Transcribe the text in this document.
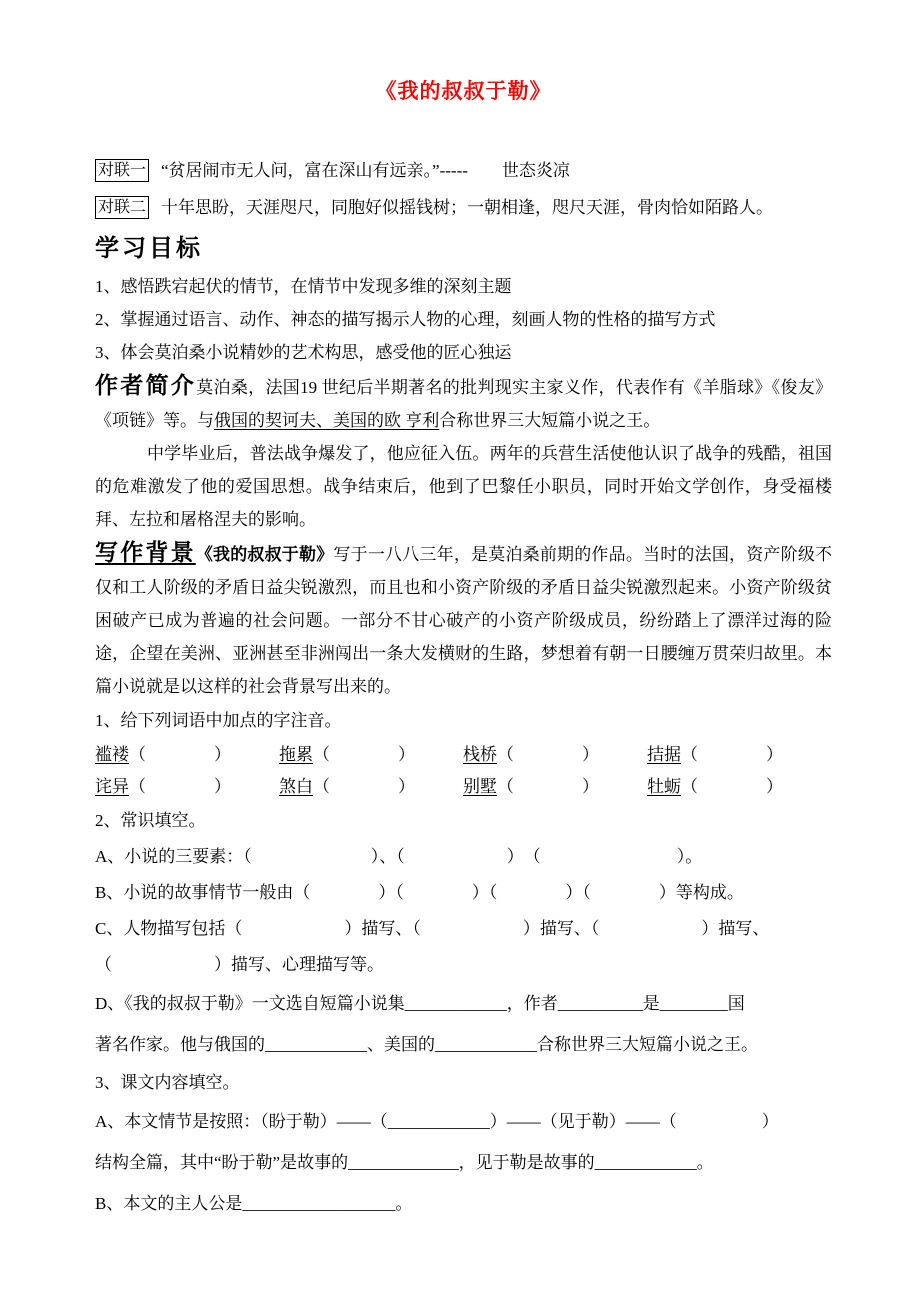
《我的叔叔于勒》
对联一 “贫居闹市无人问，富在深山有远亲。”-----　　世态炎凉
对联二 十年思盼，天涯咫尺，同胞好似摇钱树；一朝相逢，咫尺天涯，骨肉恰如陌路人。
学习目标

1、感悟跌宕起伏的情节，在情节中发现多维的深刻主题

2、掌握通过语言、动作、神态的描写揭示人物的心理，刻画人物的性格的描写方式

3、体会莫泊桑小说精妙的艺术构思，感受他的匠心独运

作者简介莫泊桑，法国19 世纪后半期著名的批判现实主家义作，代表作有《羊脂球》《俊友》《项链》等。与俄国的契诃夫、美国的欧 亨利合称世界三大短篇小说之王。

中学毕业后，普法战争爆发了，他应征入伍。两年的兵营生活使他认识了战争的残酷，祖国的危难激发了他的爱国思想。战争结束后，他到了巴黎任小职员，同时开始文学创作，身受福楼拜、左拉和屠格涅夫的影响。

写作背景《我的叔叔于勒》写于一八八三年，是莫泊桑前期的作品。当时的法国，资产阶级不仅和工人阶级的矛盾日益尖锐激烈，而且也和小资产阶级的矛盾日益尖锐激烈起来。小资产阶级贫困破产已成为普遍的社会问题。一部分不甘心破产的小资产阶级成员，纷纷踏上了漂洋过海的险途，企望在美洲、亚洲甚至非洲闯出一条大发横财的生路，梦想着有朝一日腰缠万贯荣归故里。本篇小说就是以这样的社会背景写出来的。

1、给下列词语中加点的字注音。

褴褛（　　　　）	拖累（　　　　）	栈桥（　　　　）	拮据（　　　　）
诧异（　　　　）	煞白（　　　　）	别墅（　　　　）	牡蛎（　　　　）

2、常识填空。

A、小说的三要素：（　　　　　　　）、（　　　　　　）　（　　　　　　　　）。

B、小说的故事情节一般由（　　　　）（　　　　）（　　　　）（　　　　）等构成。

C、人物描写包括（　　　　　　）描写、（　　　　　　）描写、（　　　　　　）描写、

（　　　　　　）描写、心理描写等。

D、《我的叔叔于勒》一文选自短篇小说集____________，作者__________是________国

著名作家。他与俄国的____________、美国的____________合称世界三大短篇小说之王。

3、课文内容填空。

A、本文情节是按照：（盼于勒）——（____________）——（见于勒）——（　　　　　）

结构全篇，其中“盼于勒”是故事的_____________，见于勒是故事的____________。

B、本文的主人公是__________________。
